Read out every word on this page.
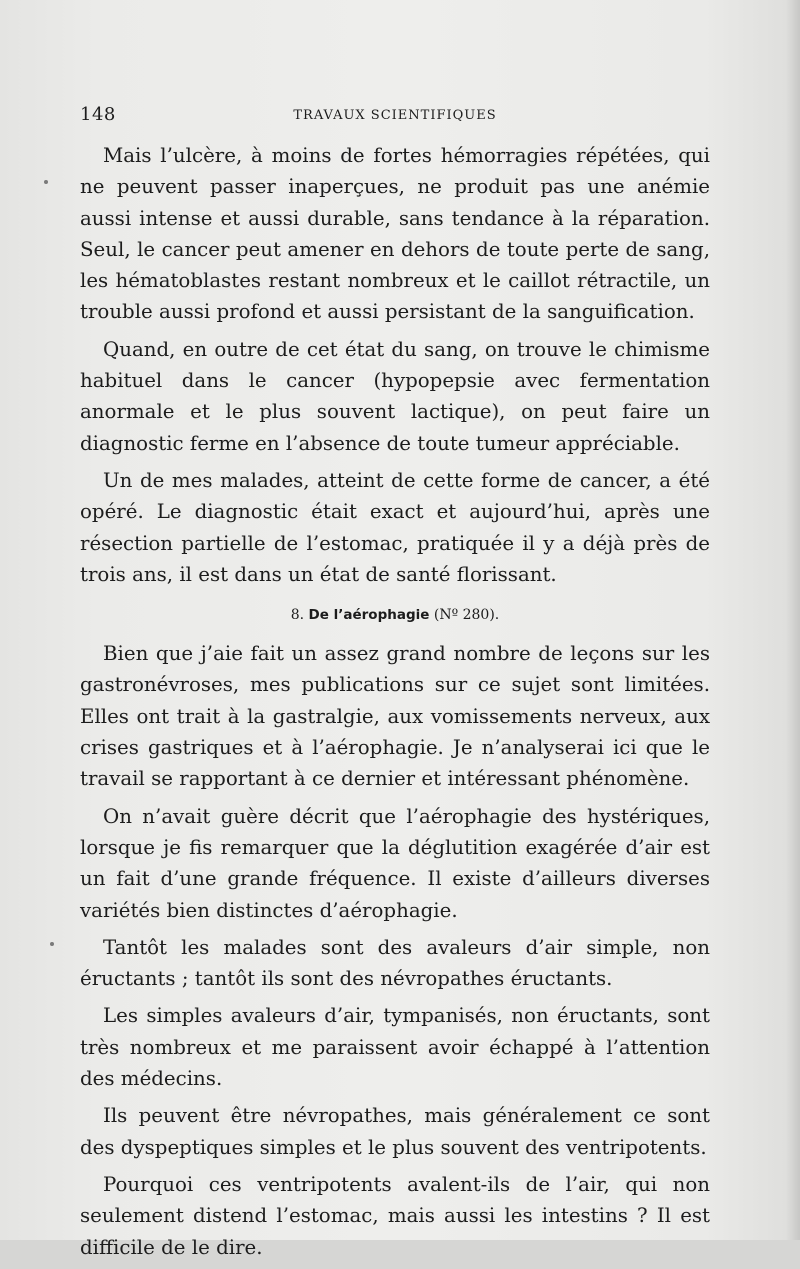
148	TRAVAUX SCIENTIFIQUES

Mais l’ulcère, à moins de fortes hémorragies répétées, qui ne peuvent passer inaperçues, ne produit pas une anémie aussi intense et aussi durable, sans tendance à la réparation. Seul, le cancer peut amener en dehors de toute perte de sang, les hématoblastes restant nombreux et le caillot rétractile, un trouble aussi profond et aussi persistant de la sanguification.

Quand, en outre de cet état du sang, on trouve le chimisme habituel dans le cancer (hypopepsie avec fermentation anormale et le plus souvent lactique), on peut faire un diagnostic ferme en l’absence de toute tumeur appréciable.

Un de mes malades, atteint de cette forme de cancer, a été opéré. Le diagnostic était exact et aujourd’hui, après une résection partielle de l’estomac, pratiquée il y a déjà près de trois ans, il est dans un état de santé florissant.

8. De l’aérophagie (Nº 280).

Bien que j’aie fait un assez grand nombre de leçons sur les gastronévroses, mes publications sur ce sujet sont limitées. Elles ont trait à la gastralgie, aux vomissements nerveux, aux crises gastriques et à l’aérophagie. Je n’analyserai ici que le travail se rapportant à ce dernier et intéressant phénomène.

On n’avait guère décrit que l’aérophagie des hystériques, lorsque je fis remarquer que la déglutition exagérée d’air est un fait d’une grande fréquence. Il existe d’ailleurs diverses variétés bien distinctes d’aérophagie.

Tantôt les malades sont des avaleurs d’air simple, non éructants ; tantôt ils sont des névropathes éructants.

Les simples avaleurs d’air, tympanisés, non éructants, sont très nombreux et me paraissent avoir échappé à l’attention des médecins.

Ils peuvent être névropathes, mais généralement ce sont des dyspeptiques simples et le plus souvent des ventripotents.

Pourquoi ces ventripotents avalent-ils de l’air, qui non seulement distend l’estomac, mais aussi les intestins ? Il est difficile de le dire.
